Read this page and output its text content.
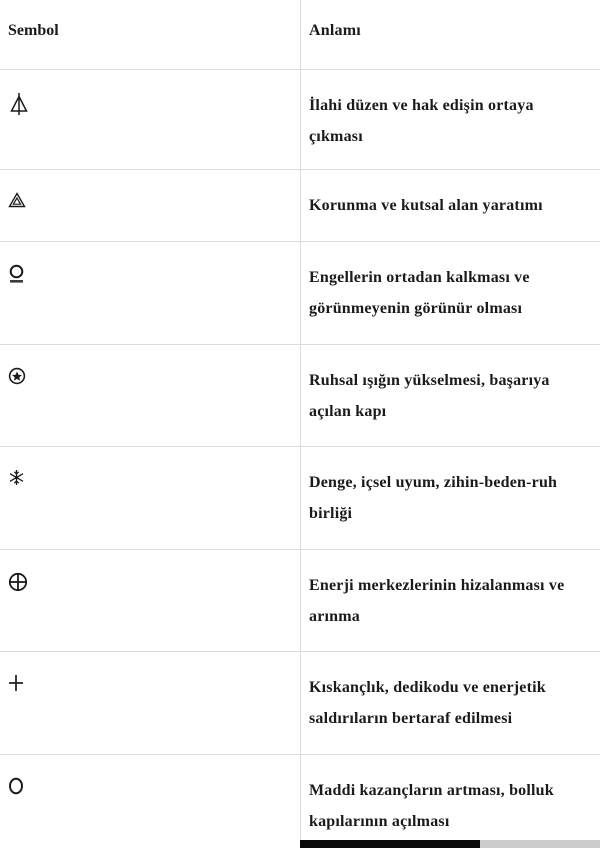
Sembol	Anlamı
İlahi düzen ve hak edişin ortaya çıkması
Korunma ve kutsal alan yaratımı
Engellerin ortadan kalkması ve görünmeyenin görünür olması
Ruhsal ışığın yükselmesi, başarıya açılan kapı
Denge, içsel uyum, zihin-beden-ruh birliği
Enerji merkezlerinin hizalanması ve arınma
Kıskançlık, dedikodu ve enerjetik saldırıların bertaraf edilmesi
Maddi kazançların artması, bolluk kapılarının açılması
